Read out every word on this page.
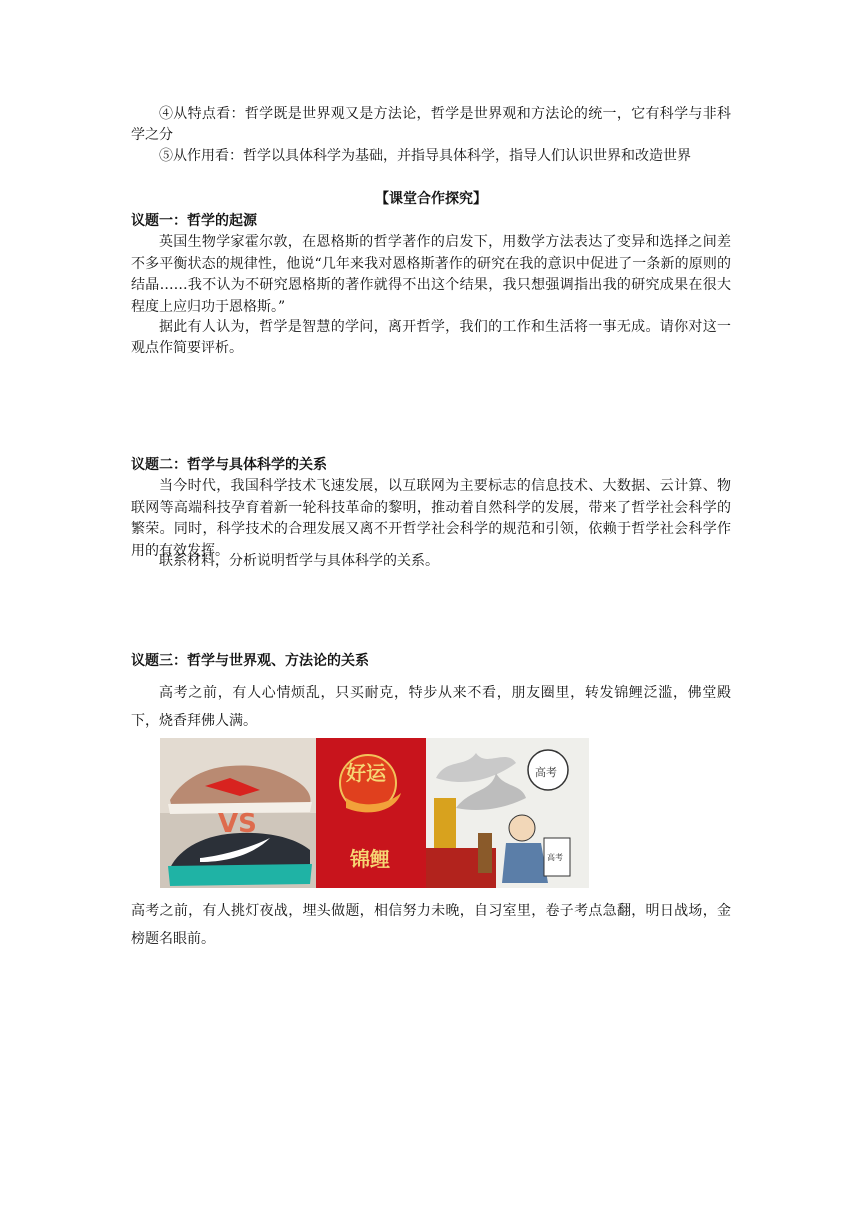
④从特点看：哲学既是世界观又是方法论，哲学是世界观和方法论的统一，它有科学与非科学之分
⑤从作用看：哲学以具体科学为基础，并指导具体科学，指导人们认识世界和改造世界
【课堂合作探究】
议题一：哲学的起源
英国生物学家霍尔敦，在恩格斯的哲学著作的启发下，用数学方法表达了变异和选择之间差不多平衡状态的规律性，他说“几年来我对恩格斯著作的研究在我的意识中促进了一条新的原则的结晶……我不认为不研究恩格斯的著作就得不出这个结果，我只想强调指出我的研究成果在很大程度上应归功于恩格斯。”
据此有人认为，哲学是智慧的学问，离开哲学，我们的工作和生活将一事无成。请你对这一观点作简要评析。
议题二：哲学与具体科学的关系
当今时代，我国科学技术飞速发展，以互联网为主要标志的信息技术、大数据、云计算、物联网等高端科技孕育着新一轮科技革命的黎明，推动着自然科学的发展，带来了哲学社会科学的繁荣。同时，科学技术的合理发展又离不开哲学社会科学的规范和引领，依赖于哲学社会科学作用的有效发挥。
联系材料，分析说明哲学与具体科学的关系。
议题三：哲学与世界观、方法论的关系
高考之前，有人心情烦乱，只买耐克，特步从来不看，朋友圈里，转发锦鲤泛滥，佛堂殿下，烧香拜佛人满。
VS
好运
锦鲤
高考
高考
高考之前，有人挑灯夜战，埋头做题，相信努力未晚，自习室里，卷子考点急翻，明日战场，金榜题名眼前。
